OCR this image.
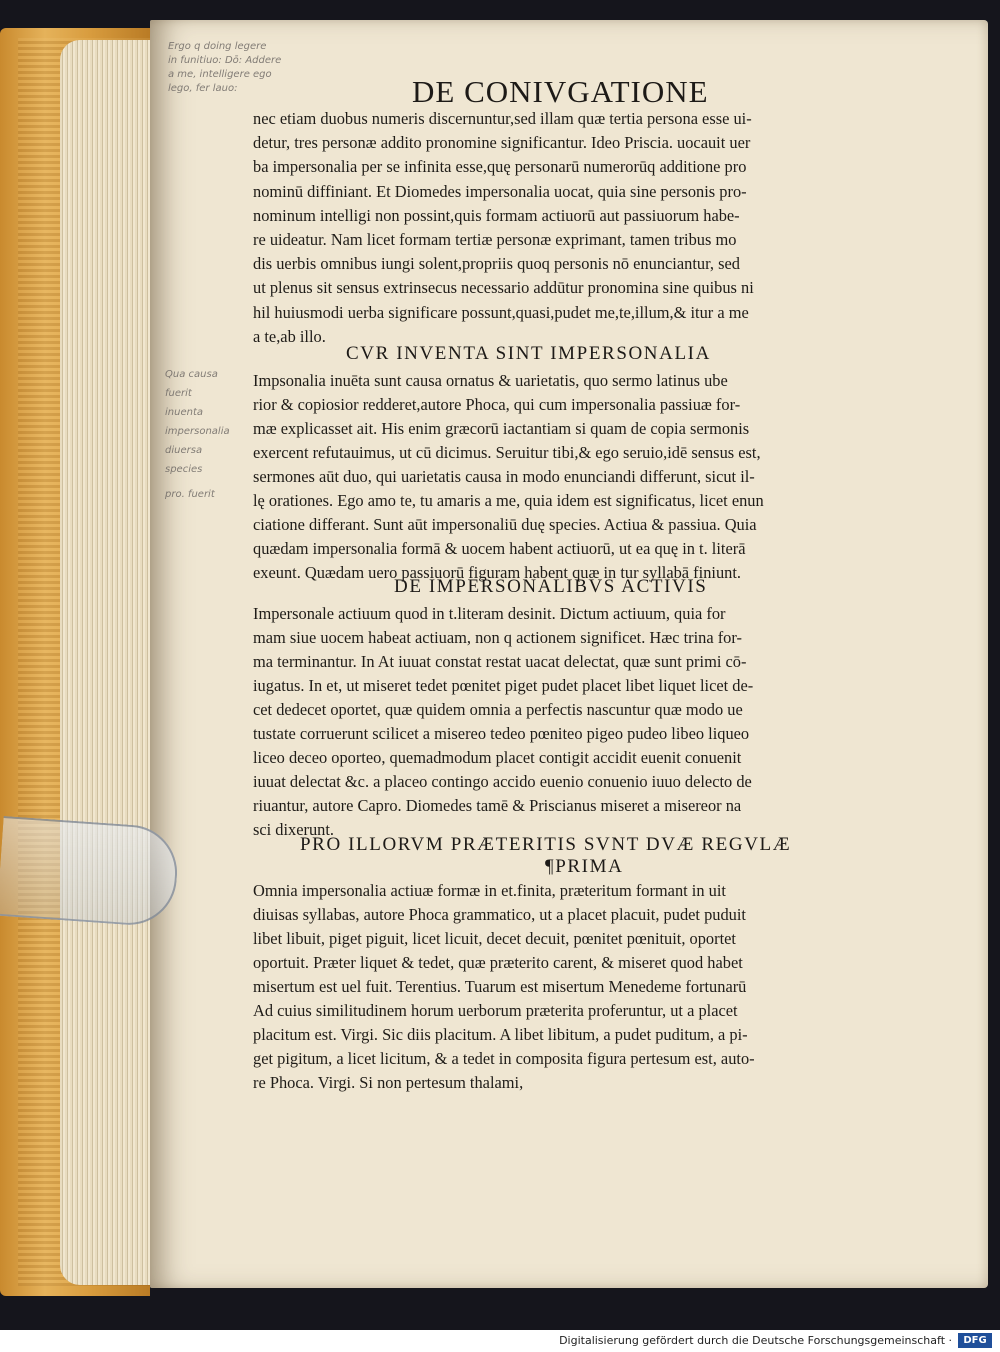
Ergo q doing legere
in funitiuo: Dō: Addere
a me, intelligere ego
lego, fer lauo:
Qua causa
fuerit
inuenta
impersonalia
diuersa
species
pro. fuerit
DE CONIVGATIONE
nec etiam duobus numeris discernuntur,sed illam quæ tertia persona esse ui-
detur, tres personæ addito pronomine significantur. Ideo Priscia. uocauit uer
ba impersonalia per se infinita esse,quę personarū numerorūq additione pro
nominū diffiniant. Et Diomedes impersonalia uocat, quia sine personis pro-
nominum intelligi non possint,quis formam actiuorū aut passiuorum habe-
re uideatur. Nam licet formam tertiæ personæ exprimant, tamen tribus mo
dis uerbis omnibus iungi solent,propriis quoq personis nō enunciantur, sed
ut plenus sit sensus extrinsecus necessario addūtur pronomina sine quibus ni
hil huiusmodi uerba significare possunt,quasi,pudet me,te,illum,& itur a me
a te,ab illo.
CVR INVENTA SINT IMPERSONALIA
Impsonalia inuēta sunt causa ornatus & uarietatis, quo sermo latinus ube
rior & copiosior redderet,autore Phoca, qui cum impersonalia passiuæ for-
mæ explicasset ait. His enim græcorū iactantiam si quam de copia sermonis
exercent refutauimus, ut cū dicimus. Seruitur tibi,& ego seruio,idē sensus est,
sermones aūt duo, qui uarietatis causa in modo enunciandi differunt, sicut il-
lę orationes. Ego amo te, tu amaris a me, quia idem est significatus, licet enun
ciatione differant. Sunt aūt impersonaliū duę species. Actiua & passiua. Quia
quædam impersonalia formā & uocem habent actiuorū, ut ea quę in t. literā
exeunt. Quædam uero passiuorū figuram habent quæ in tur syllabā finiunt.
DE IMPERSONALIBVS ACTIVIS
Impersonale actiuum quod in t.literam desinit. Dictum actiuum, quia for
mam siue uocem habeat actiuam, non q actionem significet. Hæc trina for-
ma terminantur. In At iuuat constat restat uacat delectat, quæ sunt primi cō-
iugatus. In et, ut miseret tedet pœnitet piget pudet placet libet liquet licet de-
cet dedecet oportet, quæ quidem omnia a perfectis nascuntur quæ modo ue
tustate corruerunt scilicet a misereo tedeo pœniteo pigeo pudeo libeo liqueo
liceo deceo oporteo, quemadmodum placet contigit accidit euenit conuenit
iuuat delectat &c. a placeo contingo accido euenio conuenio iuuo delecto de
riuantur, autore Capro. Diomedes tamē & Priscianus miseret a misereor na
sci dixerunt.
PRO ILLORVM PRÆTERITIS SVNT DVÆ REGVLÆ
¶PRIMA
Omnia impersonalia actiuæ formæ in et.finita, præteritum formant in uit
diuisas syllabas, autore Phoca grammatico, ut a placet placuit, pudet puduit
libet libuit, piget piguit, licet licuit, decet decuit, pœnitet pœnituit, oportet
oportuit. Præter liquet & tedet, quæ præterito carent, & miseret quod habet
misertum est uel fuit. Terentius. Tuarum est misertum Menedeme fortunarū
Ad cuius similitudinem horum uerborum præterita proferuntur, ut a placet
placitum est. Virgi. Sic diis placitum. A libet libitum, a pudet puditum, a pi-
get pigitum, a licet licitum, & a tedet in composita figura pertesum est, auto-
re Phoca. Virgi. Si non pertesum thalami,
Digitalisierung gefördert durch die Deutsche Forschungsgemeinschaft ·	DFG
